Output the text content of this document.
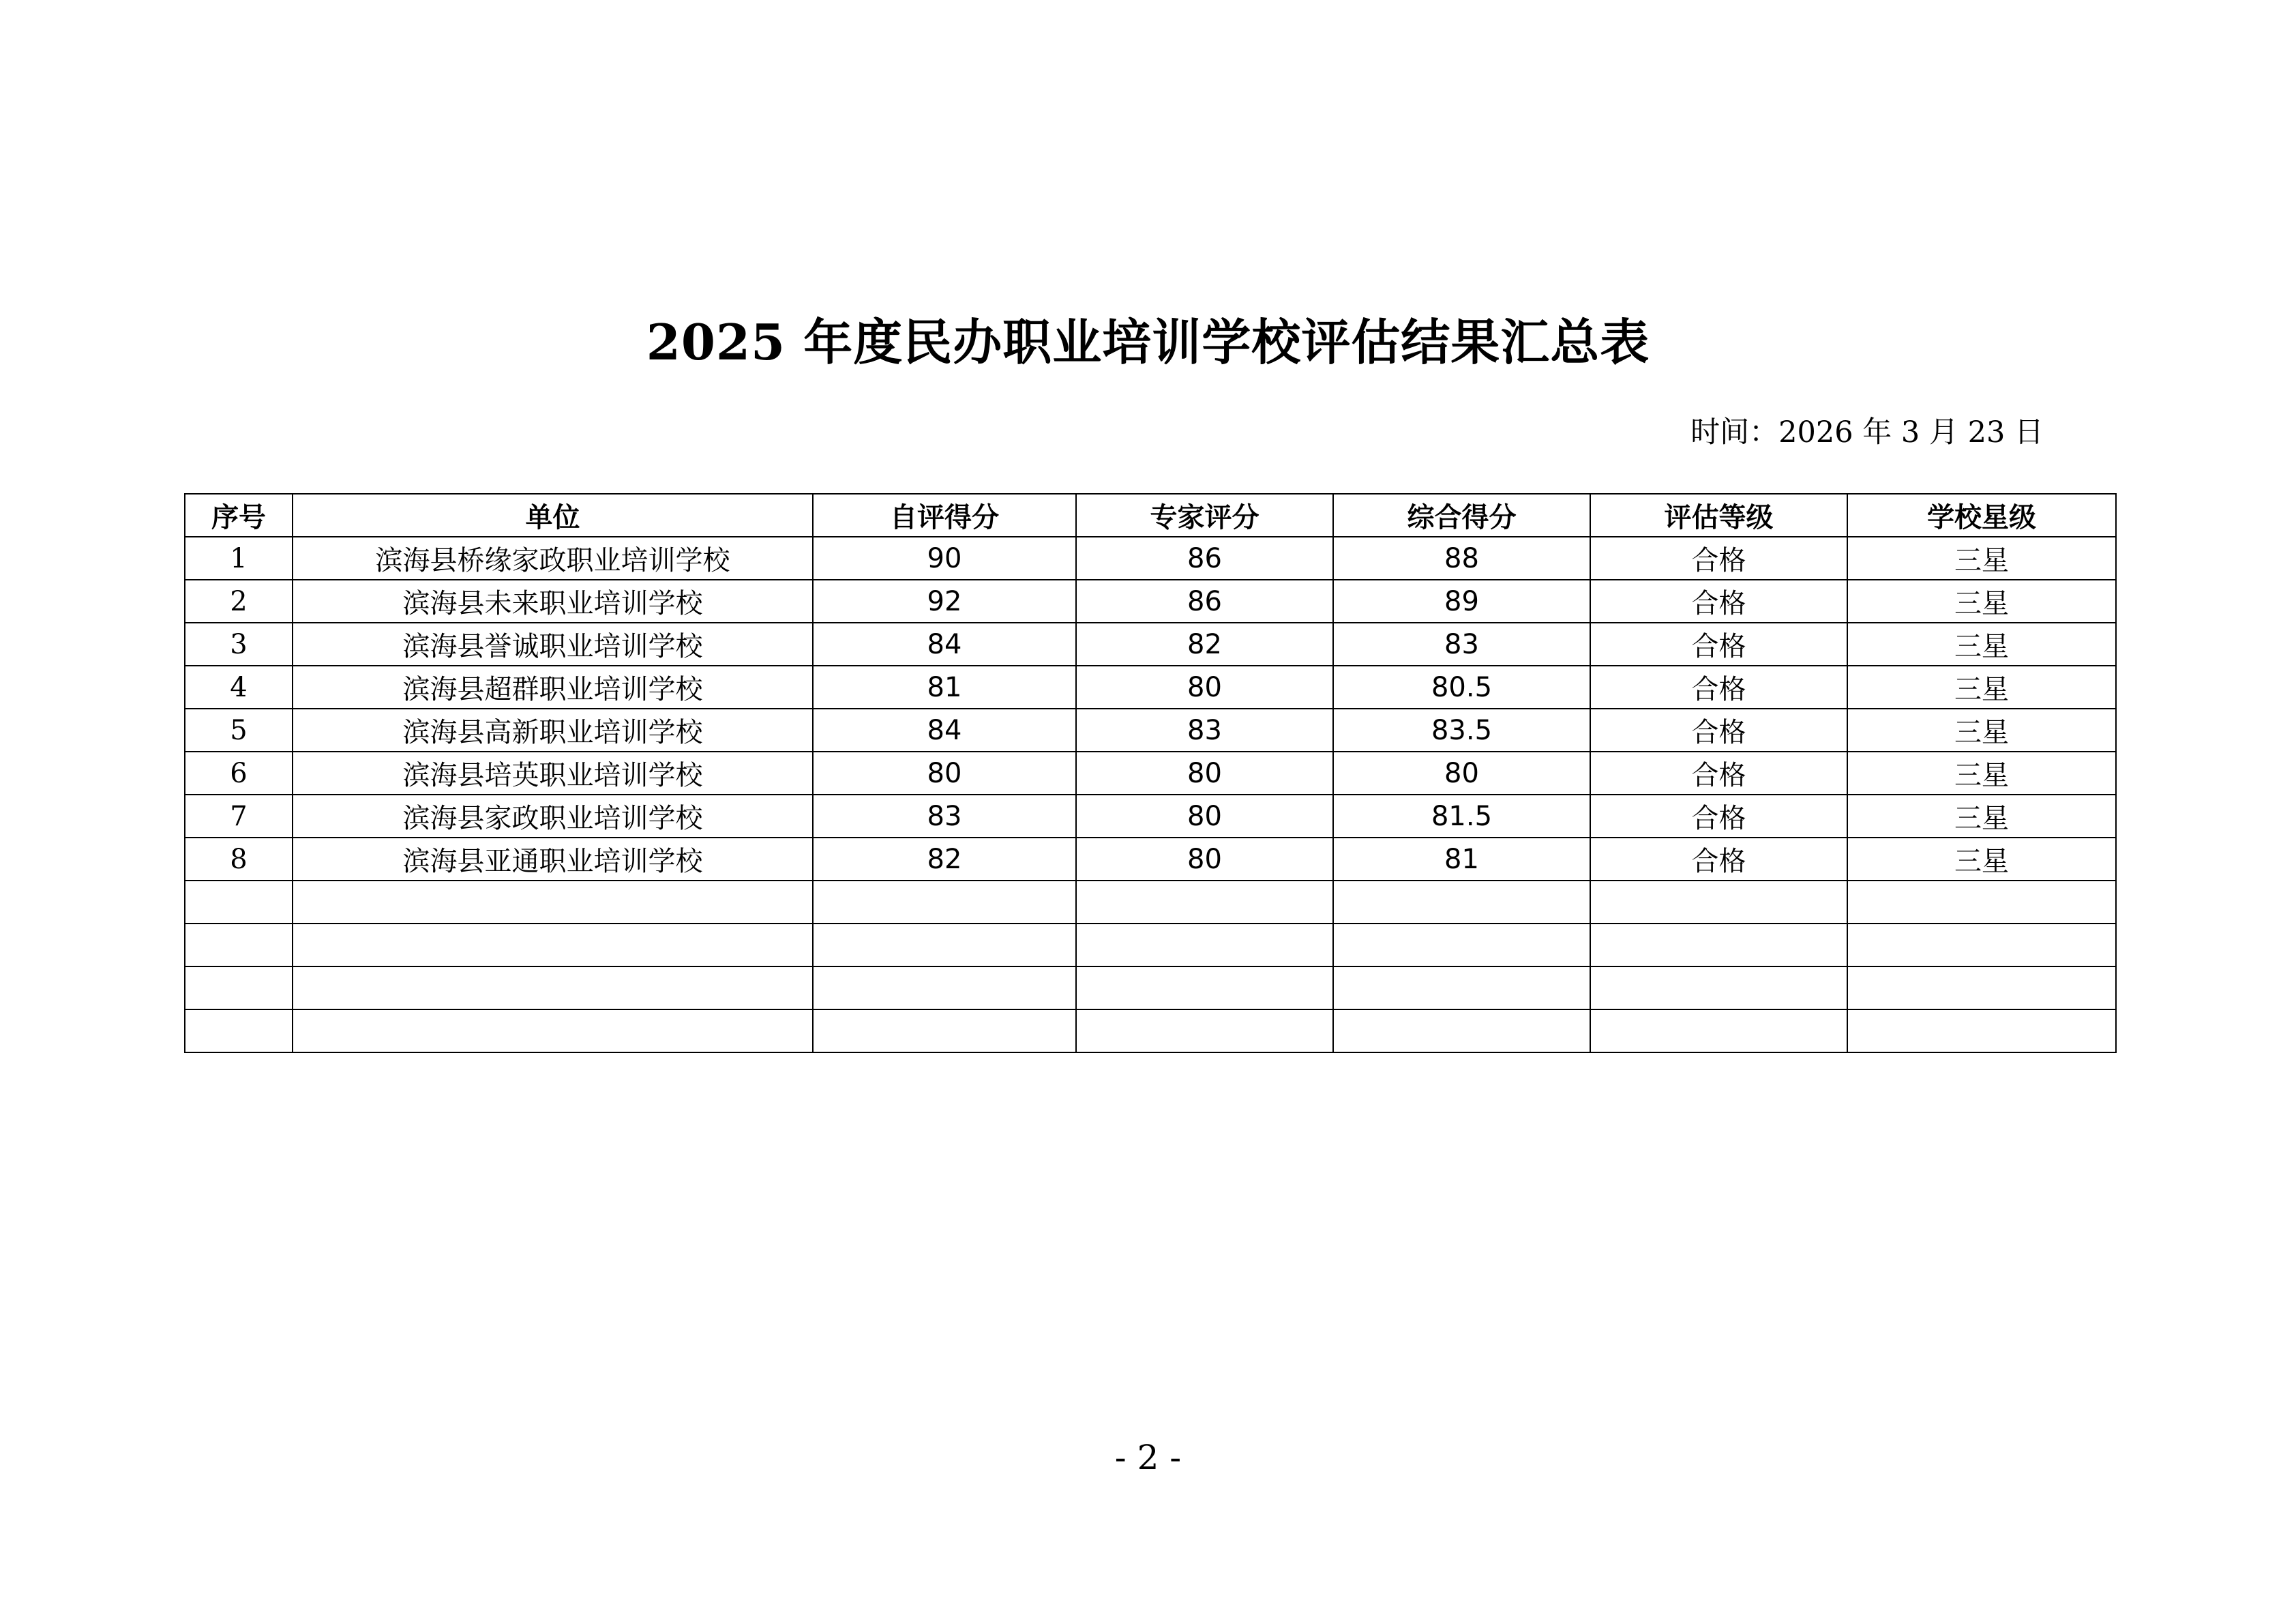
2025 年度民办职业培训学校评估结果汇总表
时间：2026 年 3 月 23 日
序号	单位	自评得分	专家评分	综合得分	评估等级	学校星级
1	滨海县桥缘家政职业培训学校	90	86	88	合格	三星
2	滨海县未来职业培训学校	92	86	89	合格	三星
3	滨海县誉诚职业培训学校	84	82	83	合格	三星
4	滨海县超群职业培训学校	81	80	80.5	合格	三星
5	滨海县高新职业培训学校	84	83	83.5	合格	三星
6	滨海县培英职业培训学校	80	80	80	合格	三星
7	滨海县家政职业培训学校	83	80	81.5	合格	三星
8	滨海县亚通职业培训学校	82	80	81	合格	三星

- 2 -
